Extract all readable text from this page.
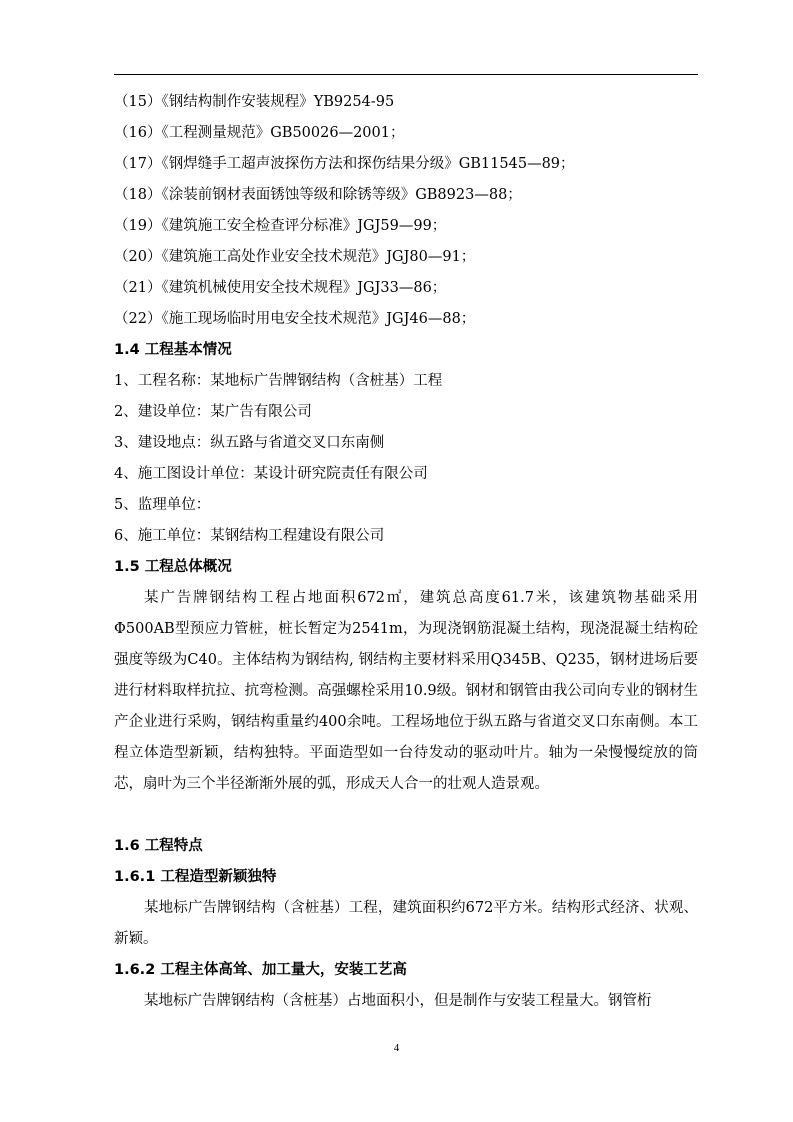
（15）《钢结构制作安装规程》YB9254-95
（16）《工程测量规范》GB50026—2001；
（17）《钢焊缝手工超声波探伤方法和探伤结果分级》GB11545—89；
（18）《涂装前钢材表面锈蚀等级和除锈等级》GB8923—88；
（19）《建筑施工安全检查评分标准》JGJ59—99；
（20）《建筑施工高处作业安全技术规范》JGJ80—91；
（21）《建筑机械使用安全技术规程》JGJ33—86；
（22）《施工现场临时用电安全技术规范》JGJ46—88；
1.4 工程基本情况
1、工程名称：某地标广告牌钢结构（含桩基）工程
2、建设单位：某广告有限公司
3、建设地点：纵五路与省道交叉口东南侧
4、施工图设计单位：某设计研究院责任有限公司
5、监理单位：
6、施工单位：某钢结构工程建设有限公司
1.5 工程总体概况

某广告牌钢结构工程占地面积672㎡，建筑总高度61.7米，该建筑物基础采用Φ500AB型预应力管桩，桩长暂定为2541m，为现浇钢筋混凝土结构，现浇混凝土结构砼强度等级为C40。主体结构为钢结构, 钢结构主要材料采用Q345B、Q235，钢材进场后要进行材料取样抗拉、抗弯检测。高强螺栓采用10.9级。钢材和钢管由我公司向专业的钢材生产企业进行采购，钢结构重量约400余吨。工程场地位于纵五路与省道交叉口东南侧。本工程立体造型新颖，结构独特。平面造型如一台待发动的驱动叶片。轴为一朵慢慢绽放的筒芯，扇叶为三个半径渐渐外展的弧，形成天人合一的壮观人造景观。

1.6 工程特点
1.6.1 工程造型新颖独特

某地标广告牌钢结构（含桩基）工程，建筑面积约672平方米。结构形式经济、状观、新颖。

1.6.2 工程主体高耸、加工量大，安装工艺高

某地标广告牌钢结构（含桩基）占地面积小，但是制作与安装工程量大。钢管桁

4
